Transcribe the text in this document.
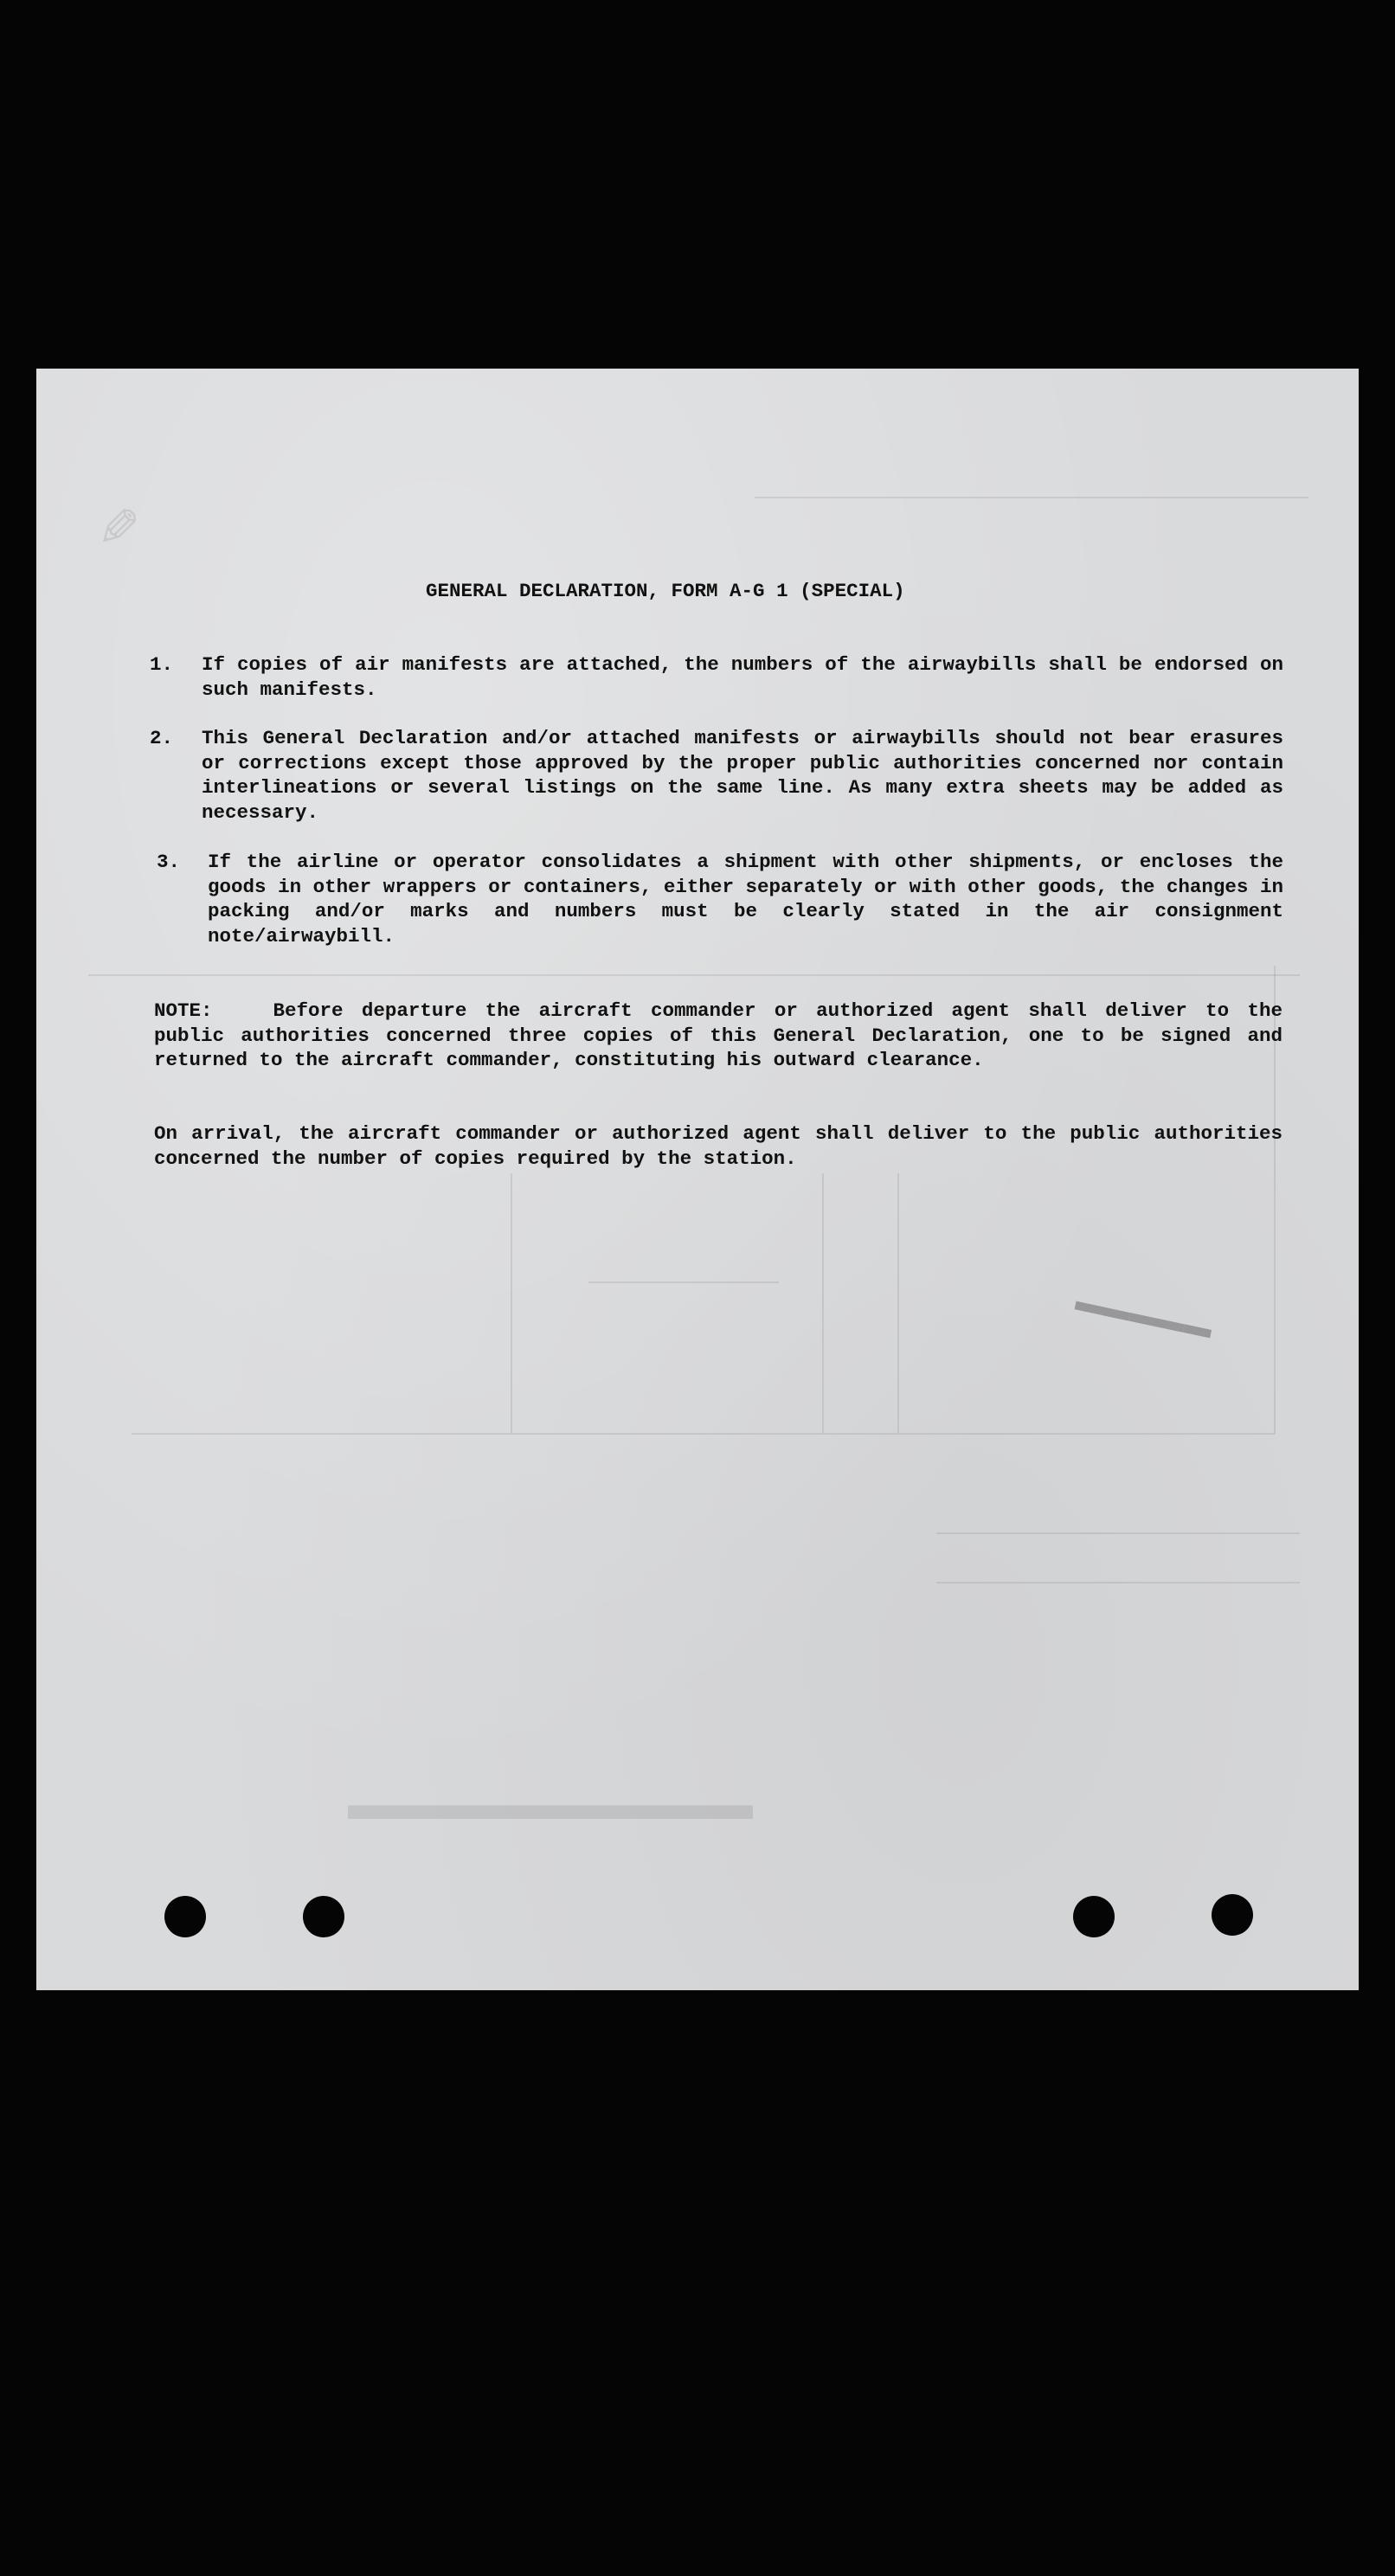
▬▬▬▬▬
▬▬▬▬▬▬▬▬▬
✎
GENERAL DECLARATION, FORM A-G 1 (SPECIAL)
1. If copies of air manifests are attached, the numbers of the airwaybills shall be endorsed on such manifests.
2. This General Declaration and/or attached manifests or airwaybills should not bear erasures or corrections except those approved by the proper public authorities concerned nor contain interlineations or several listings on the same line. As many extra sheets may be added as necessary.
3. If the airline or operator consolidates a shipment with other shipments, or encloses the goods in other wrappers or containers, either separately or with other goods, the changes in packing and/or marks and numbers must be clearly stated in the air consignment note/airwaybill.
NOTE:	Before departure the aircraft commander or authorized agent shall deliver to the public authorities concerned three copies of this General Declaration, one to be signed and returned to the aircraft commander, constituting his outward clearance.
On arrival, the aircraft commander or authorized agent shall deliver to the public authorities concerned the number of copies required by the station.
